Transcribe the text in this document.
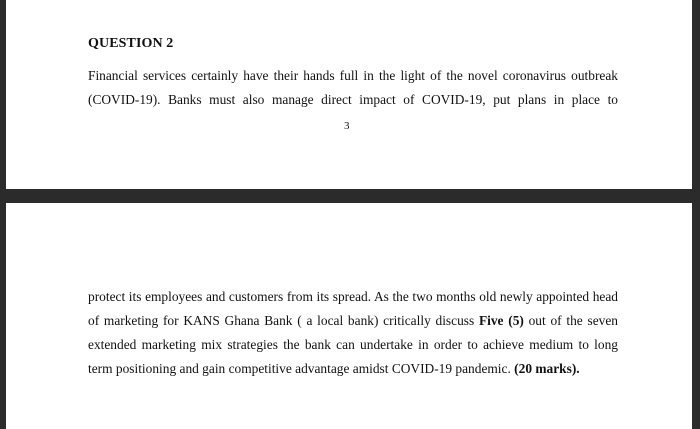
QUESTION 2
Financial services certainly have their hands full in the light of the novel coronavirus outbreak (COVID-19). Banks must also manage direct impact of COVID-19, put plans in place to
3
protect its employees and customers from its spread. As the two months old newly appointed head of marketing for KANS Ghana Bank ( a local bank) critically discuss Five (5) out of the seven extended marketing mix strategies the bank can undertake in order to achieve medium to long term positioning and gain competitive advantage amidst COVID-19 pandemic. (20 marks).
